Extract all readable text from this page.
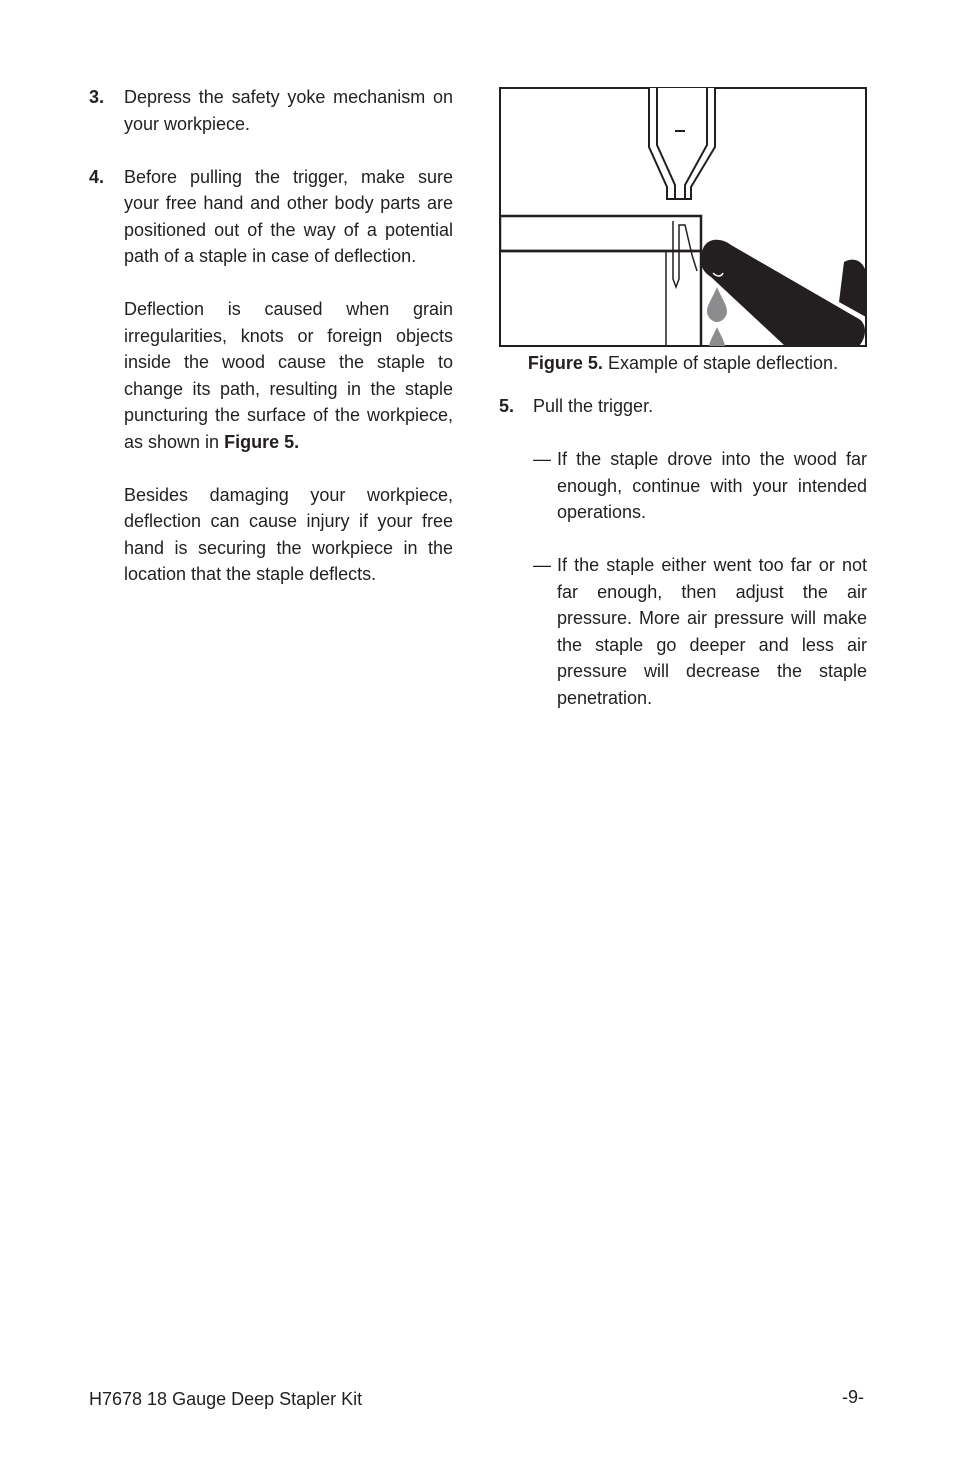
3. Depress the safety yoke mechanism on your workpiece.
4. Before pulling the trigger, make sure your free hand and other body parts are positioned out of the way of a potential path of a staple in case of deflection.
Deflection is caused when grain irregularities, knots or foreign objects inside the wood cause the staple to change its path, resulting in the staple puncturing the surface of the workpiece, as shown in Figure 5.
Besides damaging your workpiece, deflection can cause injury if your free hand is securing the workpiece in the location that the staple deflects.
Figure 5. Example of staple deflection.
5. Pull the trigger.
— If the staple drove into the wood far enough, continue with your intended operations.
— If the staple either went too far or not far enough, then adjust the air pressure. More air pressure will make the staple go deeper and less air pressure will decrease the staple penetration.
H7678 18 Gauge Deep Stapler Kit	-9-
